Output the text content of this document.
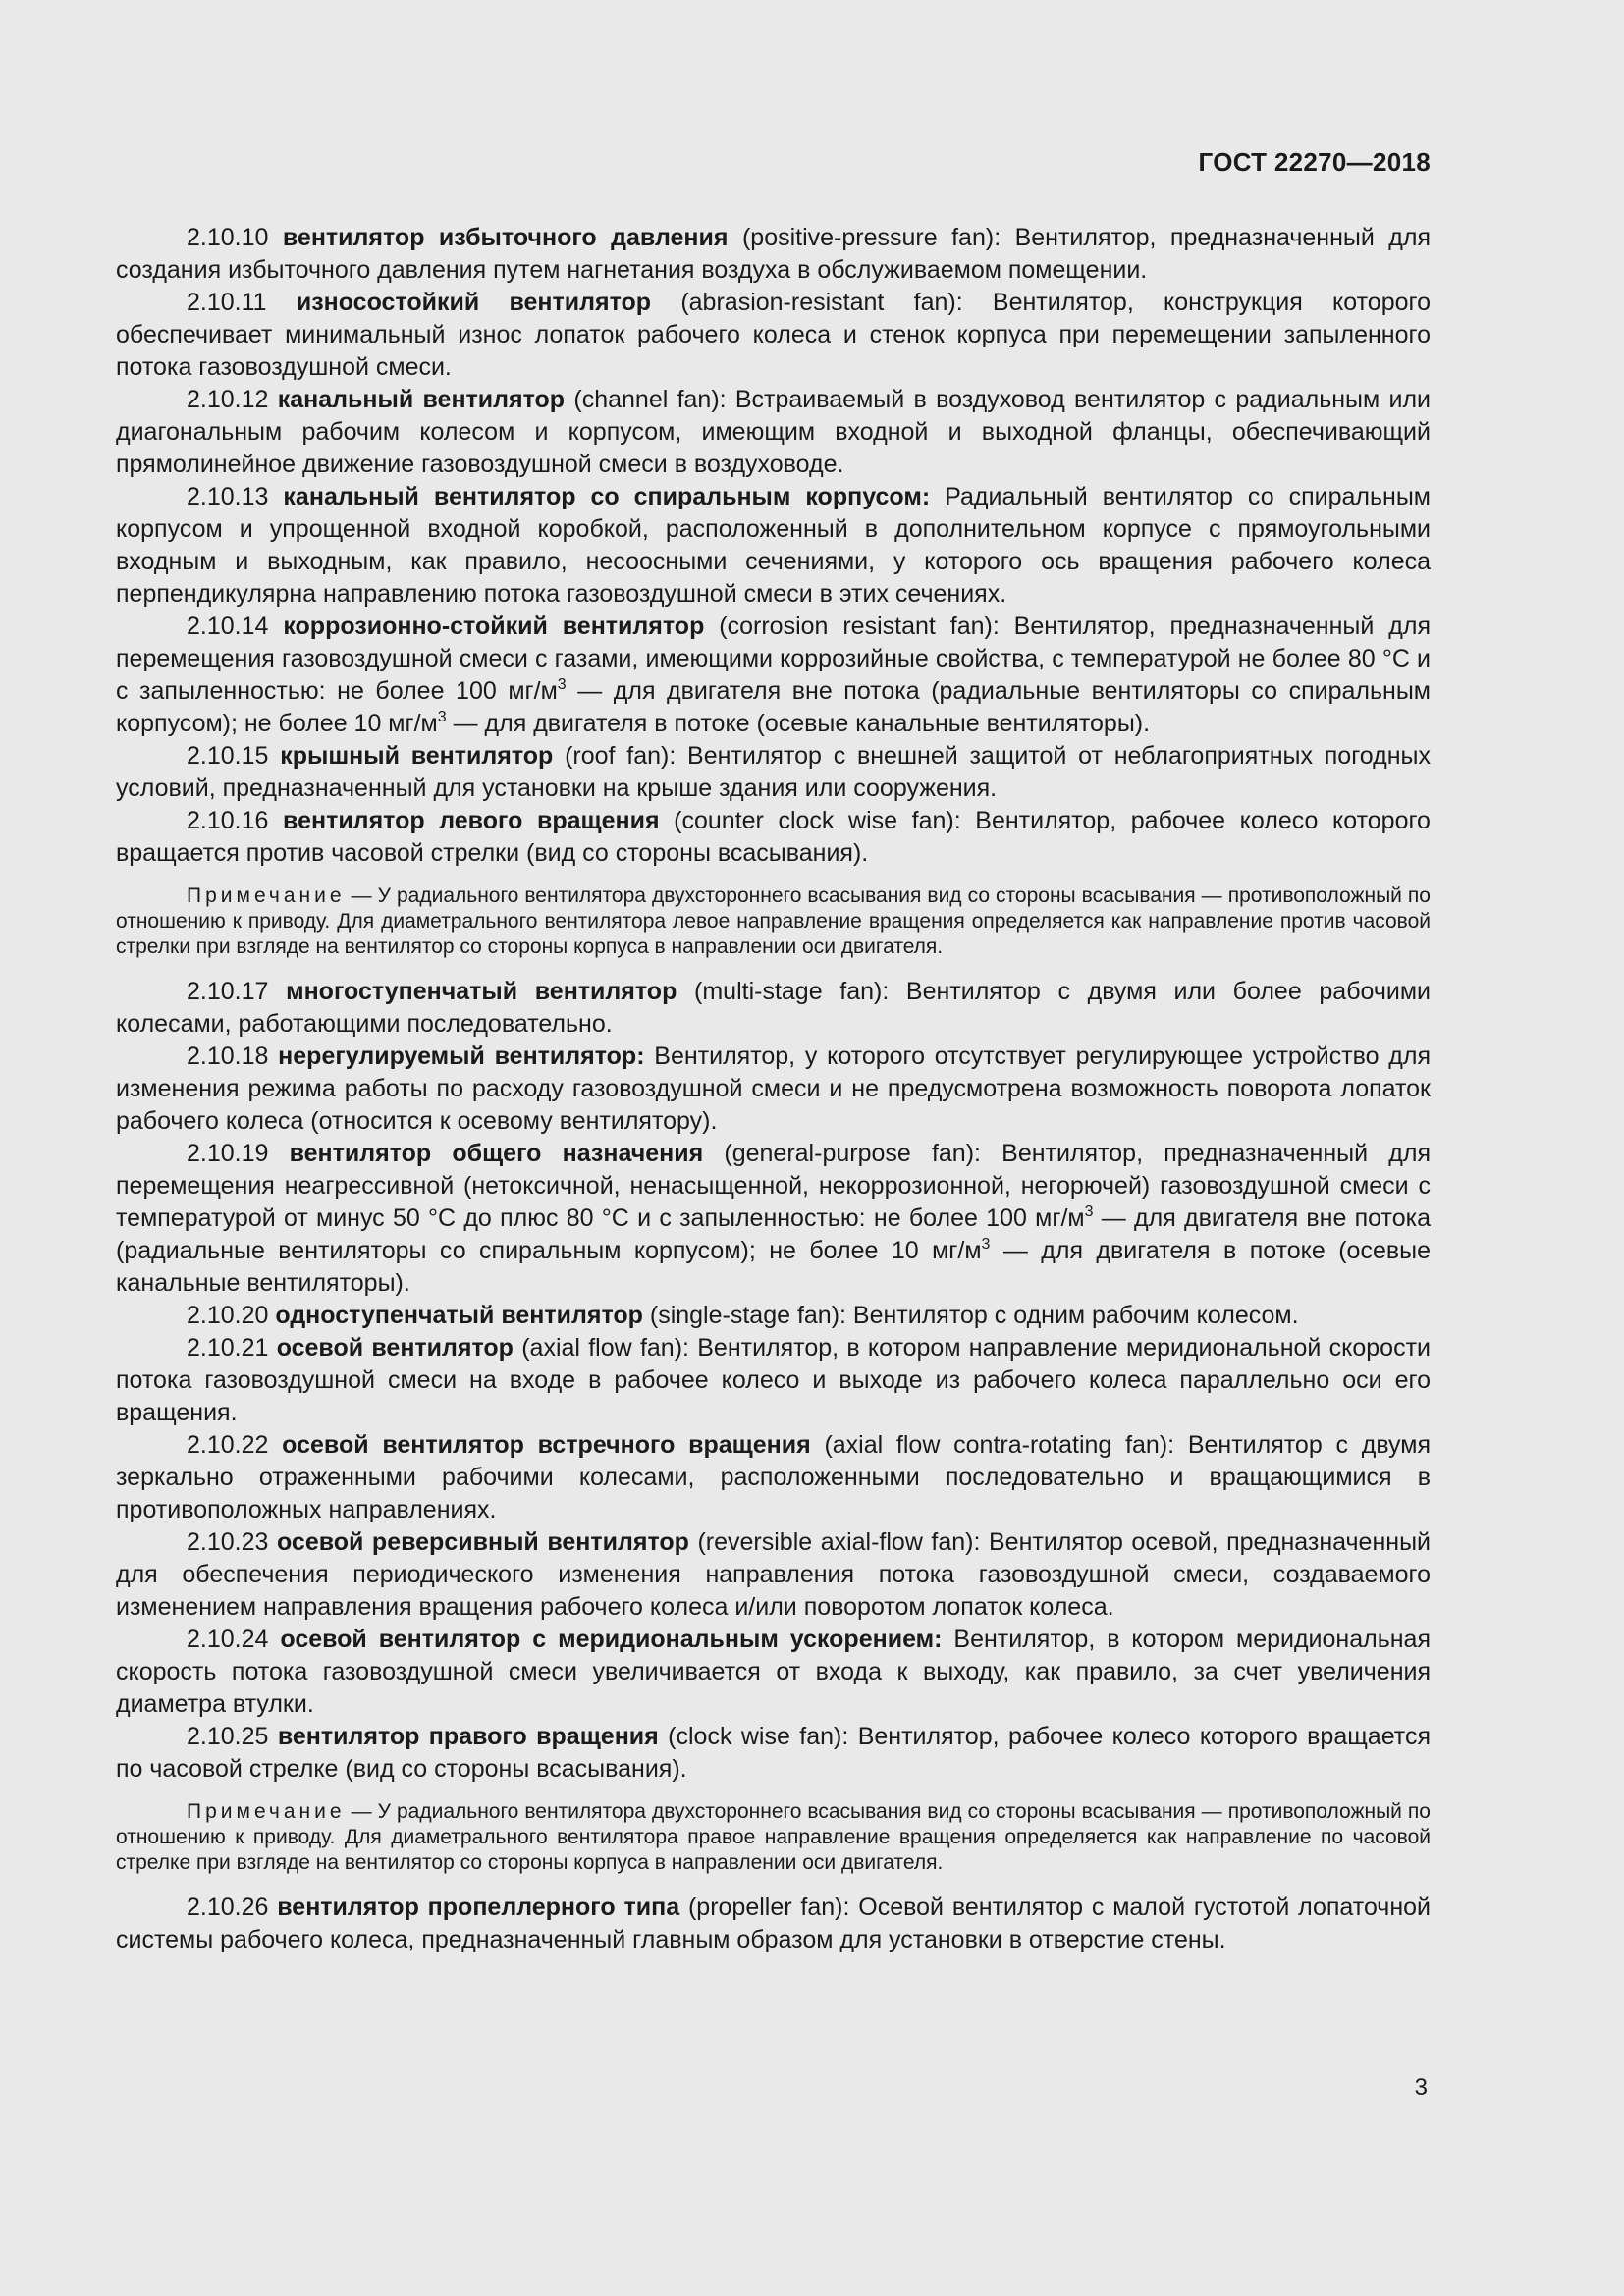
ГОСТ 22270—2018

2.10.10 вентилятор избыточного давления (positive-pressure fan): Вентилятор, предназначенный для создания избыточного давления путем нагнетания воздуха в обслуживаемом помещении.

2.10.11 износостойкий вентилятор (abrasion-resistant fan): Вентилятор, конструкция которого обеспечивает минимальный износ лопаток рабочего колеса и стенок корпуса при перемещении запыленного потока газовоздушной смеси.

2.10.12 канальный вентилятор (channel fan): Встраиваемый в воздуховод вентилятор с радиальным или диагональным рабочим колесом и корпусом, имеющим входной и выходной фланцы, обеспечивающий прямолинейное движение газовоздушной смеси в воздуховоде.

2.10.13 канальный вентилятор со спиральным корпусом: Радиальный вентилятор со спиральным корпусом и упрощенной входной коробкой, расположенный в дополнительном корпусе с прямоугольными входным и выходным, как правило, несоосными сечениями, у которого ось вращения рабочего колеса перпендикулярна направлению потока газовоздушной смеси в этих сечениях.

2.10.14 коррозионно-стойкий вентилятор (corrosion resistant fan): Вентилятор, предназначенный для перемещения газовоздушной смеси с газами, имеющими коррозийные свойства, с температурой не более 80 °С и с запыленностью: не более 100 $мг/м^3$ — для двигателя вне потока (радиальные вентиляторы со спиральным корпусом); не более 10 $мг/м^3$ — для двигателя в потоке (осевые канальные вентиляторы).

2.10.15 крышный вентилятор (roof fan): Вентилятор с внешней защитой от неблагоприятных погодных условий, предназначенный для установки на крыше здания или сооружения.

2.10.16 вентилятор левого вращения (counter clock wise fan): Вентилятор, рабочее колесо которого вращается против часовой стрелки (вид со стороны всасывания).

Примечание — У радиального вентилятора двухстороннего всасывания вид со стороны всасывания — противоположный по отношению к приводу. Для диаметрального вентилятора левое направление вращения определяется как направление против часовой стрелки при взгляде на вентилятор со стороны корпуса в направлении оси двигателя.

2.10.17 многоступенчатый вентилятор (multi-stage fan): Вентилятор с двумя или более рабочими колесами, работающими последовательно.

2.10.18 нерегулируемый вентилятор: Вентилятор, у которого отсутствует регулирующее устройство для изменения режима работы по расходу газовоздушной смеси и не предусмотрена возможность поворота лопаток рабочего колеса (относится к осевому вентилятору).

2.10.19 вентилятор общего назначения (general-purpose fan): Вентилятор, предназначенный для перемещения неагрессивной (нетоксичной, ненасыщенной, некоррозионной, негорючей) газовоздушной смеси с температурой от минус 50 °С до плюс 80 °С и с запыленностью: не более 100 $мг/м^3$ — для двигателя вне потока (радиальные вентиляторы со спиральным корпусом); не более 10 $мг/м^3$ — для двигателя в потоке (осевые канальные вентиляторы).

2.10.20 одноступенчатый вентилятор (single-stage fan): Вентилятор с одним рабочим колесом.

2.10.21 осевой вентилятор (axial flow fan): Вентилятор, в котором направление меридиональной скорости потока газовоздушной смеси на входе в рабочее колесо и выходе из рабочего колеса параллельно оси его вращения.

2.10.22 осевой вентилятор встречного вращения (axial flow contra-rotating fan): Вентилятор с двумя зеркально отраженными рабочими колесами, расположенными последовательно и вращающимися в противоположных направлениях.

2.10.23 осевой реверсивный вентилятор (reversible axial-flow fan): Вентилятор осевой, предназначенный для обеспечения периодического изменения направления потока газовоздушной смеси, создаваемого изменением направления вращения рабочего колеса и/или поворотом лопаток колеса.

2.10.24 осевой вентилятор с меридиональным ускорением: Вентилятор, в котором меридиональная скорость потока газовоздушной смеси увеличивается от входа к выходу, как правило, за счет увеличения диаметра втулки.

2.10.25 вентилятор правого вращения (clock wise fan): Вентилятор, рабочее колесо которого вращается по часовой стрелке (вид со стороны всасывания).

Примечание — У радиального вентилятора двухстороннего всасывания вид со стороны всасывания — противоположный по отношению к приводу. Для диаметрального вентилятора правое направление вращения определяется как направление по часовой стрелке при взгляде на вентилятор со стороны корпуса в направлении оси двигателя.

2.10.26 вентилятор пропеллерного типа (propeller fan): Осевой вентилятор с малой густотой лопаточной системы рабочего колеса, предназначенный главным образом для установки в отверстие стены.

3
